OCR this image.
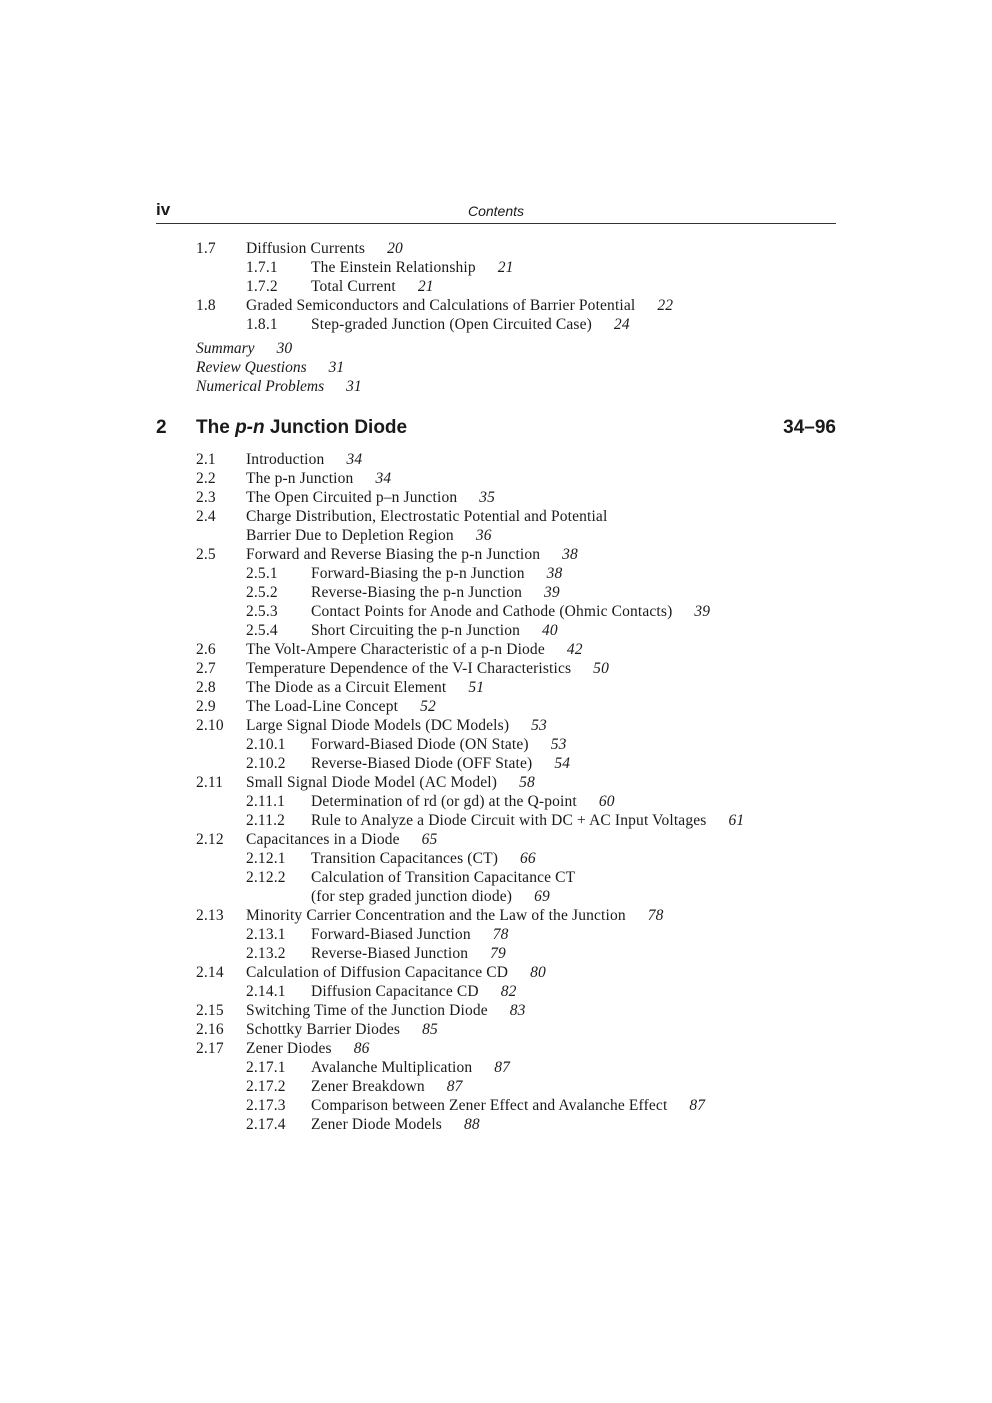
iv	Contents
1.7 Diffusion Currents 20
1.7.1 The Einstein Relationship 21
1.7.2 Total Current 21
1.8 Graded Semiconductors and Calculations of Barrier Potential 22
1.8.1 Step-graded Junction (Open Circuited Case) 24
Summary 30
Review Questions 31
Numerical Problems 31
2 The p-n Junction Diode	34–96
2.1 Introduction 34
2.2 The p-n Junction 34
2.3 The Open Circuited p–n Junction 35
2.4 Charge Distribution, Electrostatic Potential and Potential
Barrier Due to Depletion Region 36
2.5 Forward and Reverse Biasing the p-n Junction 38
2.5.1 Forward-Biasing the p-n Junction 38
2.5.2 Reverse-Biasing the p-n Junction 39
2.5.3 Contact Points for Anode and Cathode (Ohmic Contacts) 39
2.5.4 Short Circuiting the p-n Junction 40
2.6 The Volt-Ampere Characteristic of a p-n Diode 42
2.7 Temperature Dependence of the V-I Characteristics 50
2.8 The Diode as a Circuit Element 51
2.9 The Load-Line Concept 52
2.10 Large Signal Diode Models (DC Models) 53
2.10.1 Forward-Biased Diode (ON State) 53
2.10.2 Reverse-Biased Diode (OFF State) 54
2.11 Small Signal Diode Model (AC Model) 58
2.11.1 Determination of rd (or gd) at the Q-point 60
2.11.2 Rule to Analyze a Diode Circuit with DC + AC Input Voltages 61
2.12 Capacitances in a Diode 65
2.12.1 Transition Capacitances (CT) 66
2.12.2 Calculation of Transition Capacitance CT
(for step graded junction diode) 69
2.13 Minority Carrier Concentration and the Law of the Junction 78
2.13.1 Forward-Biased Junction 78
2.13.2 Reverse-Biased Junction 79
2.14 Calculation of Diffusion Capacitance CD 80
2.14.1 Diffusion Capacitance CD 82
2.15 Switching Time of the Junction Diode 83
2.16 Schottky Barrier Diodes 85
2.17 Zener Diodes 86
2.17.1 Avalanche Multiplication 87
2.17.2 Zener Breakdown 87
2.17.3 Comparison between Zener Effect and Avalanche Effect 87
2.17.4 Zener Diode Models 88
